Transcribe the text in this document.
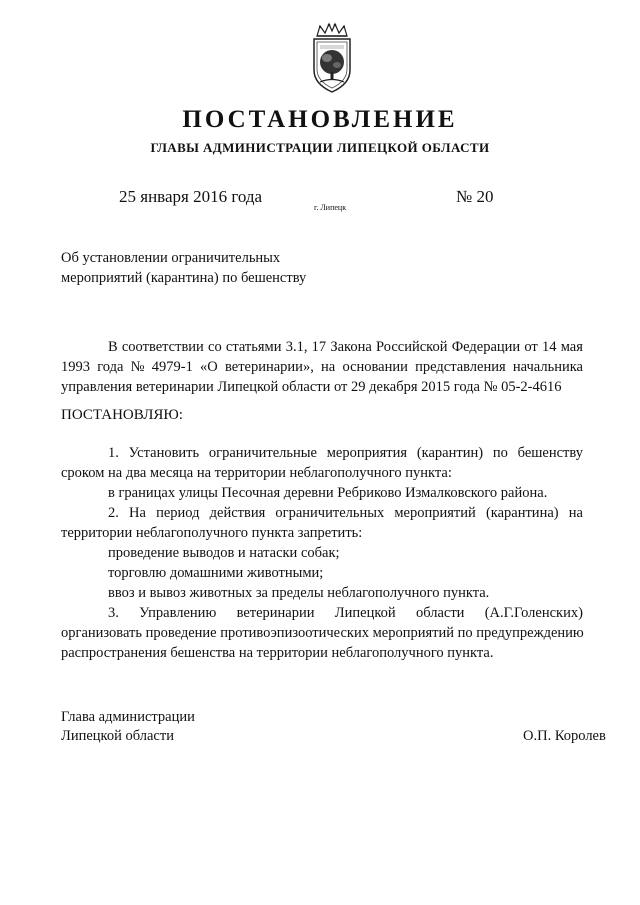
ПОСТАНОВЛЕНИЕ
ГЛАВЫ АДМИНИСТРАЦИИ ЛИПЕЦКОЙ ОБЛАСТИ
25 января 2016 года
г. Липецк
№ 20
Об установлении ограничительных
мероприятий (карантина) по бешенству
В соответствии со статьями 3.1, 17 Закона Российской Федерации от 14 мая
1993 года № 4979-1 «О ветеринарии», на основании представления начальника
управления ветеринарии Липецкой области от 29 декабря 2015 года № 05-2-4616
ПОСТАНОВЛЯЮ:
1. Установить ограничительные мероприятия (карантин) по бешенству
сроком на два месяца на территории неблагополучного пункта:
в границах улицы Песочная деревни Ребриково Измалковского района.
2. На период действия ограничительных мероприятий (карантина) на
территории неблагополучного пункта запретить:
проведение выводов и натаски собак;
торговлю домашними животными;
ввоз и вывоз животных за пределы неблагополучного пункта.
3. Управлению ветеринарии Липецкой области (А.Г.Голенских)
организовать проведение противоэпизоотических мероприятий по предупреждению
распространения бешенства на территории неблагополучного пункта.
Глава администрации
Липецкой области	О.П. Королев
